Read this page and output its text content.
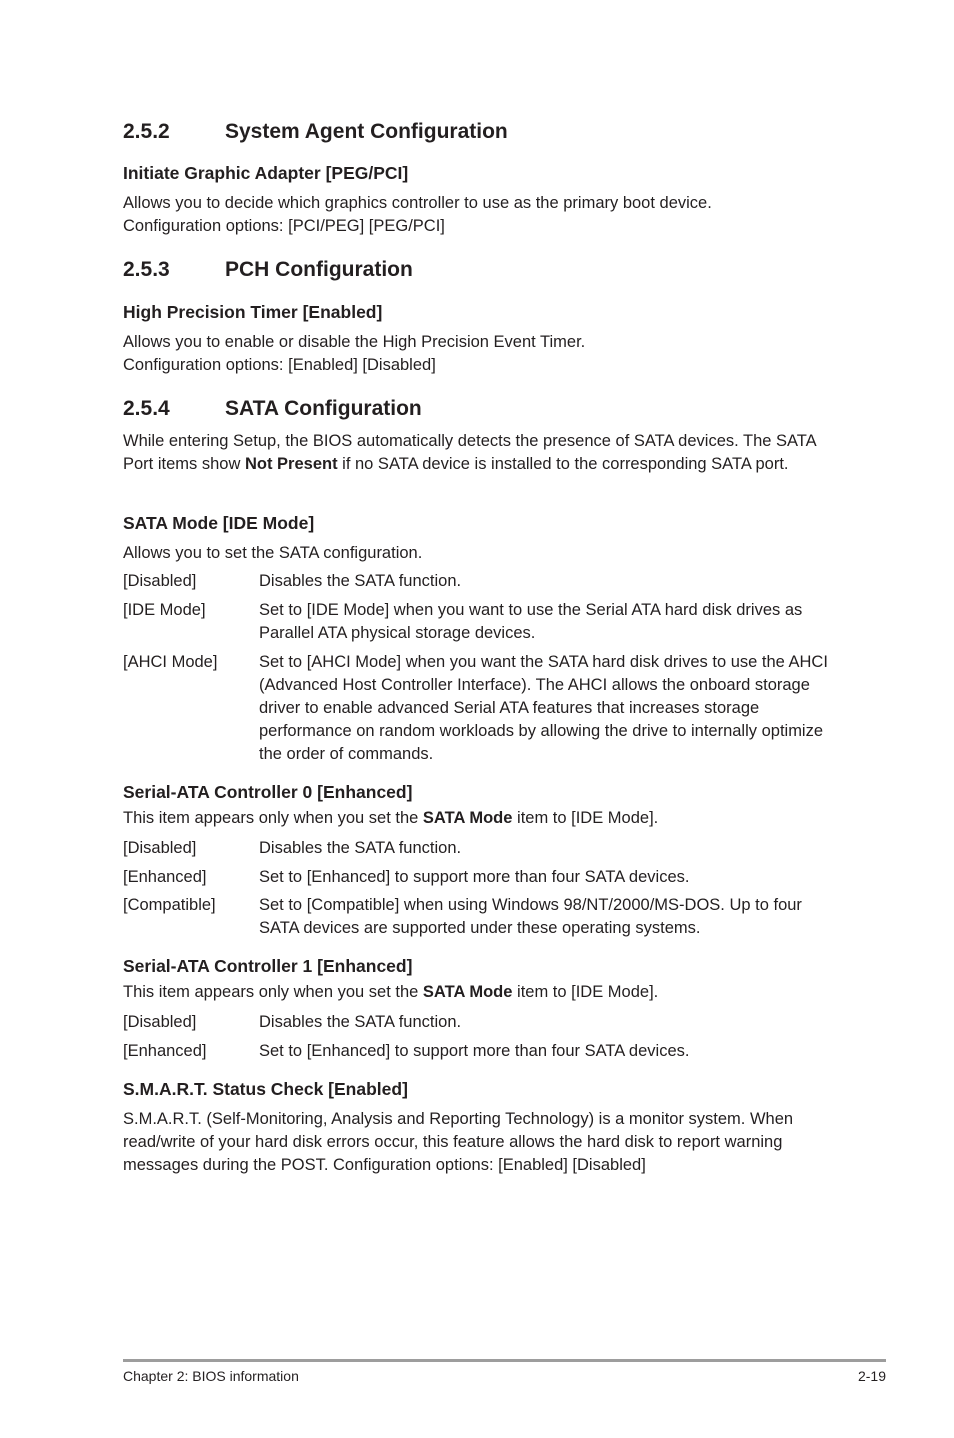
2.5.2	System Agent Configuration
Initiate Graphic Adapter [PEG/PCI]
Allows you to decide which graphics controller to use as the primary boot device.
Configuration options: [PCI/PEG] [PEG/PCI]
2.5.3	PCH Configuration
High Precision Timer [Enabled]
Allows you to enable or disable the High Precision Event Timer.
Configuration options: [Enabled] [Disabled]
2.5.4	SATA Configuration
While entering Setup, the BIOS automatically detects the presence of SATA devices. The SATA Port items show Not Present if no SATA device is installed to the corresponding SATA port.
SATA Mode [IDE Mode]
Allows you to set the SATA configuration.
[Disabled]	Disables the SATA function.
[IDE Mode]	Set to [IDE Mode] when you want to use the Serial ATA hard disk drives as Parallel ATA physical storage devices.
[AHCI Mode]	Set to [AHCI Mode] when you want the SATA hard disk drives to use the AHCI (Advanced Host Controller Interface). The AHCI allows the onboard storage driver to enable advanced Serial ATA features that increases storage performance on random workloads by allowing the drive to internally optimize the order of commands.
Serial-ATA Controller 0 [Enhanced]
This item appears only when you set the SATA Mode item to [IDE Mode].
[Disabled]	Disables the SATA function.
[Enhanced]	Set to [Enhanced] to support more than four SATA devices.
[Compatible]	Set to [Compatible] when using Windows 98/NT/2000/MS-DOS. Up to four SATA devices are supported under these operating systems.
Serial-ATA Controller 1 [Enhanced]
This item appears only when you set the SATA Mode item to [IDE Mode].
[Disabled]	Disables the SATA function.
[Enhanced]	Set to [Enhanced] to support more than four SATA devices.
S.M.A.R.T. Status Check [Enabled]
S.M.A.R.T. (Self-Monitoring, Analysis and Reporting Technology) is a monitor system. When read/write of your hard disk errors occur, this feature allows the hard disk to report warning messages during the POST. Configuration options: [Enabled] [Disabled]
Chapter 2: BIOS information	2-19
